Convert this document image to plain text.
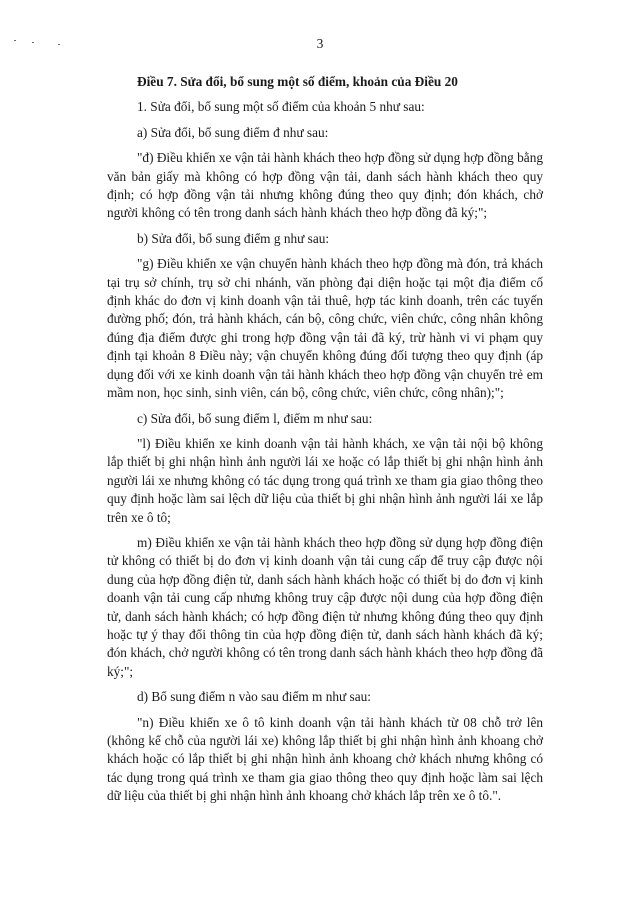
3

Điều 7. Sửa đổi, bổ sung một số điểm, khoản của Điều 20

1. Sửa đổi, bổ sung một số điểm của khoản 5 như sau:

a) Sửa đổi, bổ sung điểm đ như sau:

"đ) Điều khiển xe vận tải hành khách theo hợp đồng sử dụng hợp đồng bằng văn bản giấy mà không có hợp đồng vận tải, danh sách hành khách theo quy định; có hợp đồng vận tải nhưng không đúng theo quy định; đón khách, chở người không có tên trong danh sách hành khách theo hợp đồng đã ký;";

b) Sửa đổi, bổ sung điểm g như sau:

"g) Điều khiển xe vận chuyển hành khách theo hợp đồng mà đón, trả khách tại trụ sở chính, trụ sở chi nhánh, văn phòng đại diện hoặc tại một địa điểm cố định khác do đơn vị kinh doanh vận tải thuê, hợp tác kinh doanh, trên các tuyến đường phố; đón, trả hành khách, cán bộ, công chức, viên chức, công nhân không đúng địa điểm được ghi trong hợp đồng vận tải đã ký, trừ hành vi vi phạm quy định tại khoản 8 Điều này; vận chuyển không đúng đối tượng theo quy định (áp dụng đối với xe kinh doanh vận tải hành khách theo hợp đồng vận chuyển trẻ em mầm non, học sinh, sinh viên, cán bộ, công chức, viên chức, công nhân);";

c) Sửa đổi, bổ sung điểm l, điểm m như sau:

"l) Điều khiển xe kinh doanh vận tải hành khách, xe vận tải nội bộ không lắp thiết bị ghi nhận hình ảnh người lái xe hoặc có lắp thiết bị ghi nhận hình ảnh người lái xe nhưng không có tác dụng trong quá trình xe tham gia giao thông theo quy định hoặc làm sai lệch dữ liệu của thiết bị ghi nhận hình ảnh người lái xe lắp trên xe ô tô;

m) Điều khiển xe vận tải hành khách theo hợp đồng sử dụng hợp đồng điện tử không có thiết bị do đơn vị kinh doanh vận tải cung cấp để truy cập được nội dung của hợp đồng điện tử, danh sách hành khách hoặc có thiết bị do đơn vị kinh doanh vận tải cung cấp nhưng không truy cập được nội dung của hợp đồng điện tử, danh sách hành khách; có hợp đồng điện tử nhưng không đúng theo quy định hoặc tự ý thay đổi thông tin của hợp đồng điện tử, danh sách hành khách đã ký; đón khách, chở người không có tên trong danh sách hành khách theo hợp đồng đã ký;";

d) Bổ sung điểm n vào sau điểm m như sau:

"n) Điều khiển xe ô tô kinh doanh vận tải hành khách từ 08 chỗ trở lên (không kể chỗ của người lái xe) không lắp thiết bị ghi nhận hình ảnh khoang chở khách hoặc có lắp thiết bị ghi nhận hình ảnh khoang chở khách nhưng không có tác dụng trong quá trình xe tham gia giao thông theo quy định hoặc làm sai lệch dữ liệu của thiết bị ghi nhận hình ảnh khoang chở khách lắp trên xe ô tô.".
